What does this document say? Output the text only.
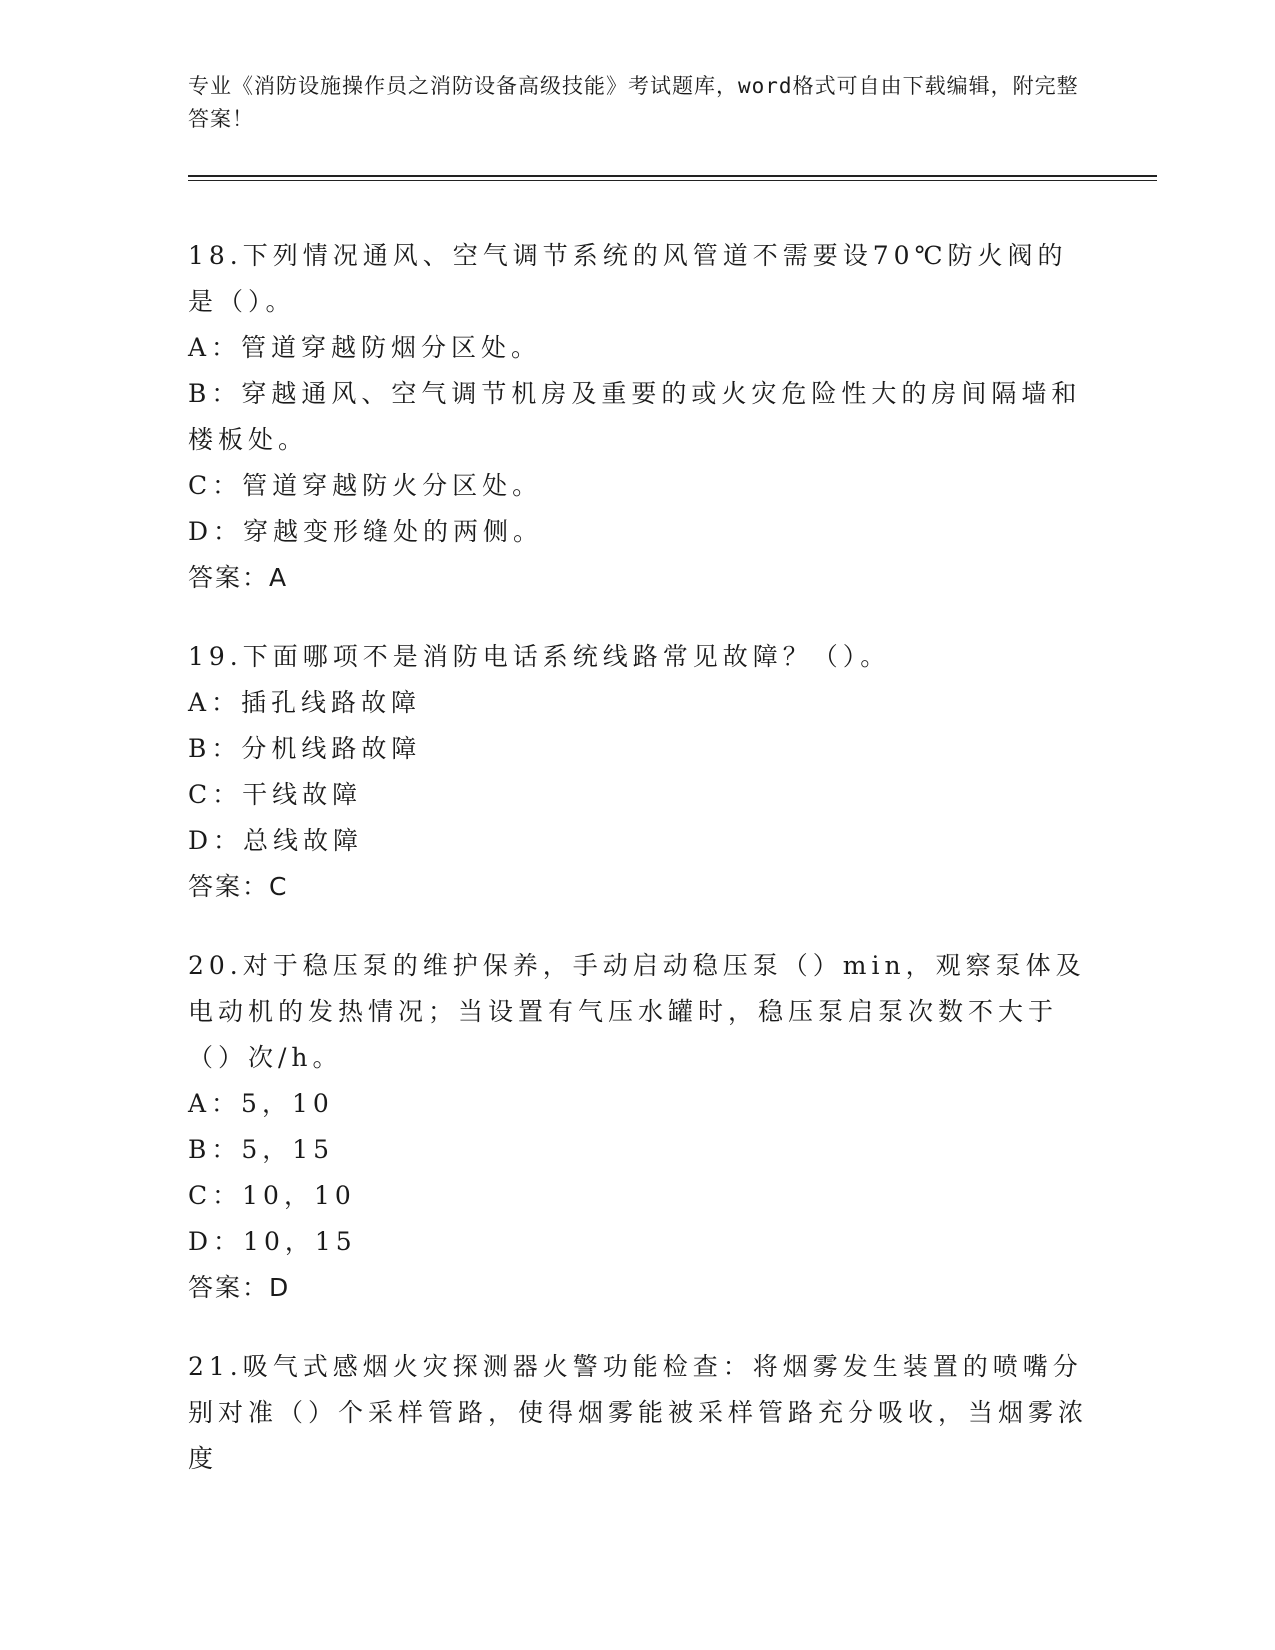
专业《消防设施操作员之消防设备高级技能》考试题库，word格式可自由下载编辑，附完整答案！

18.下列情况通风、空气调节系统的风管道不需要设70℃防火阀的是（）。

A：管道穿越防烟分区处。

B：穿越通风、空气调节机房及重要的或火灾危险性大的房间隔墙和楼板处。

C：管道穿越防火分区处。

D：穿越变形缝处的两侧。

答案：A

19.下面哪项不是消防电话系统线路常见故障？（）。

A：插孔线路故障

B：分机线路故障

C：干线故障

D：总线故障

答案：C

20.对于稳压泵的维护保养，手动启动稳压泵（）min，观察泵体及电动机的发热情况；当设置有气压水罐时，稳压泵启泵次数不大于（）次/h。

A：5，10

B：5，15

C：10，10

D：10，15

答案：D

21.吸气式感烟火灾探测器火警功能检查：将烟雾发生装置的喷嘴分别对准（）个采样管路，使得烟雾能被采样管路充分吸收，当烟雾浓度
